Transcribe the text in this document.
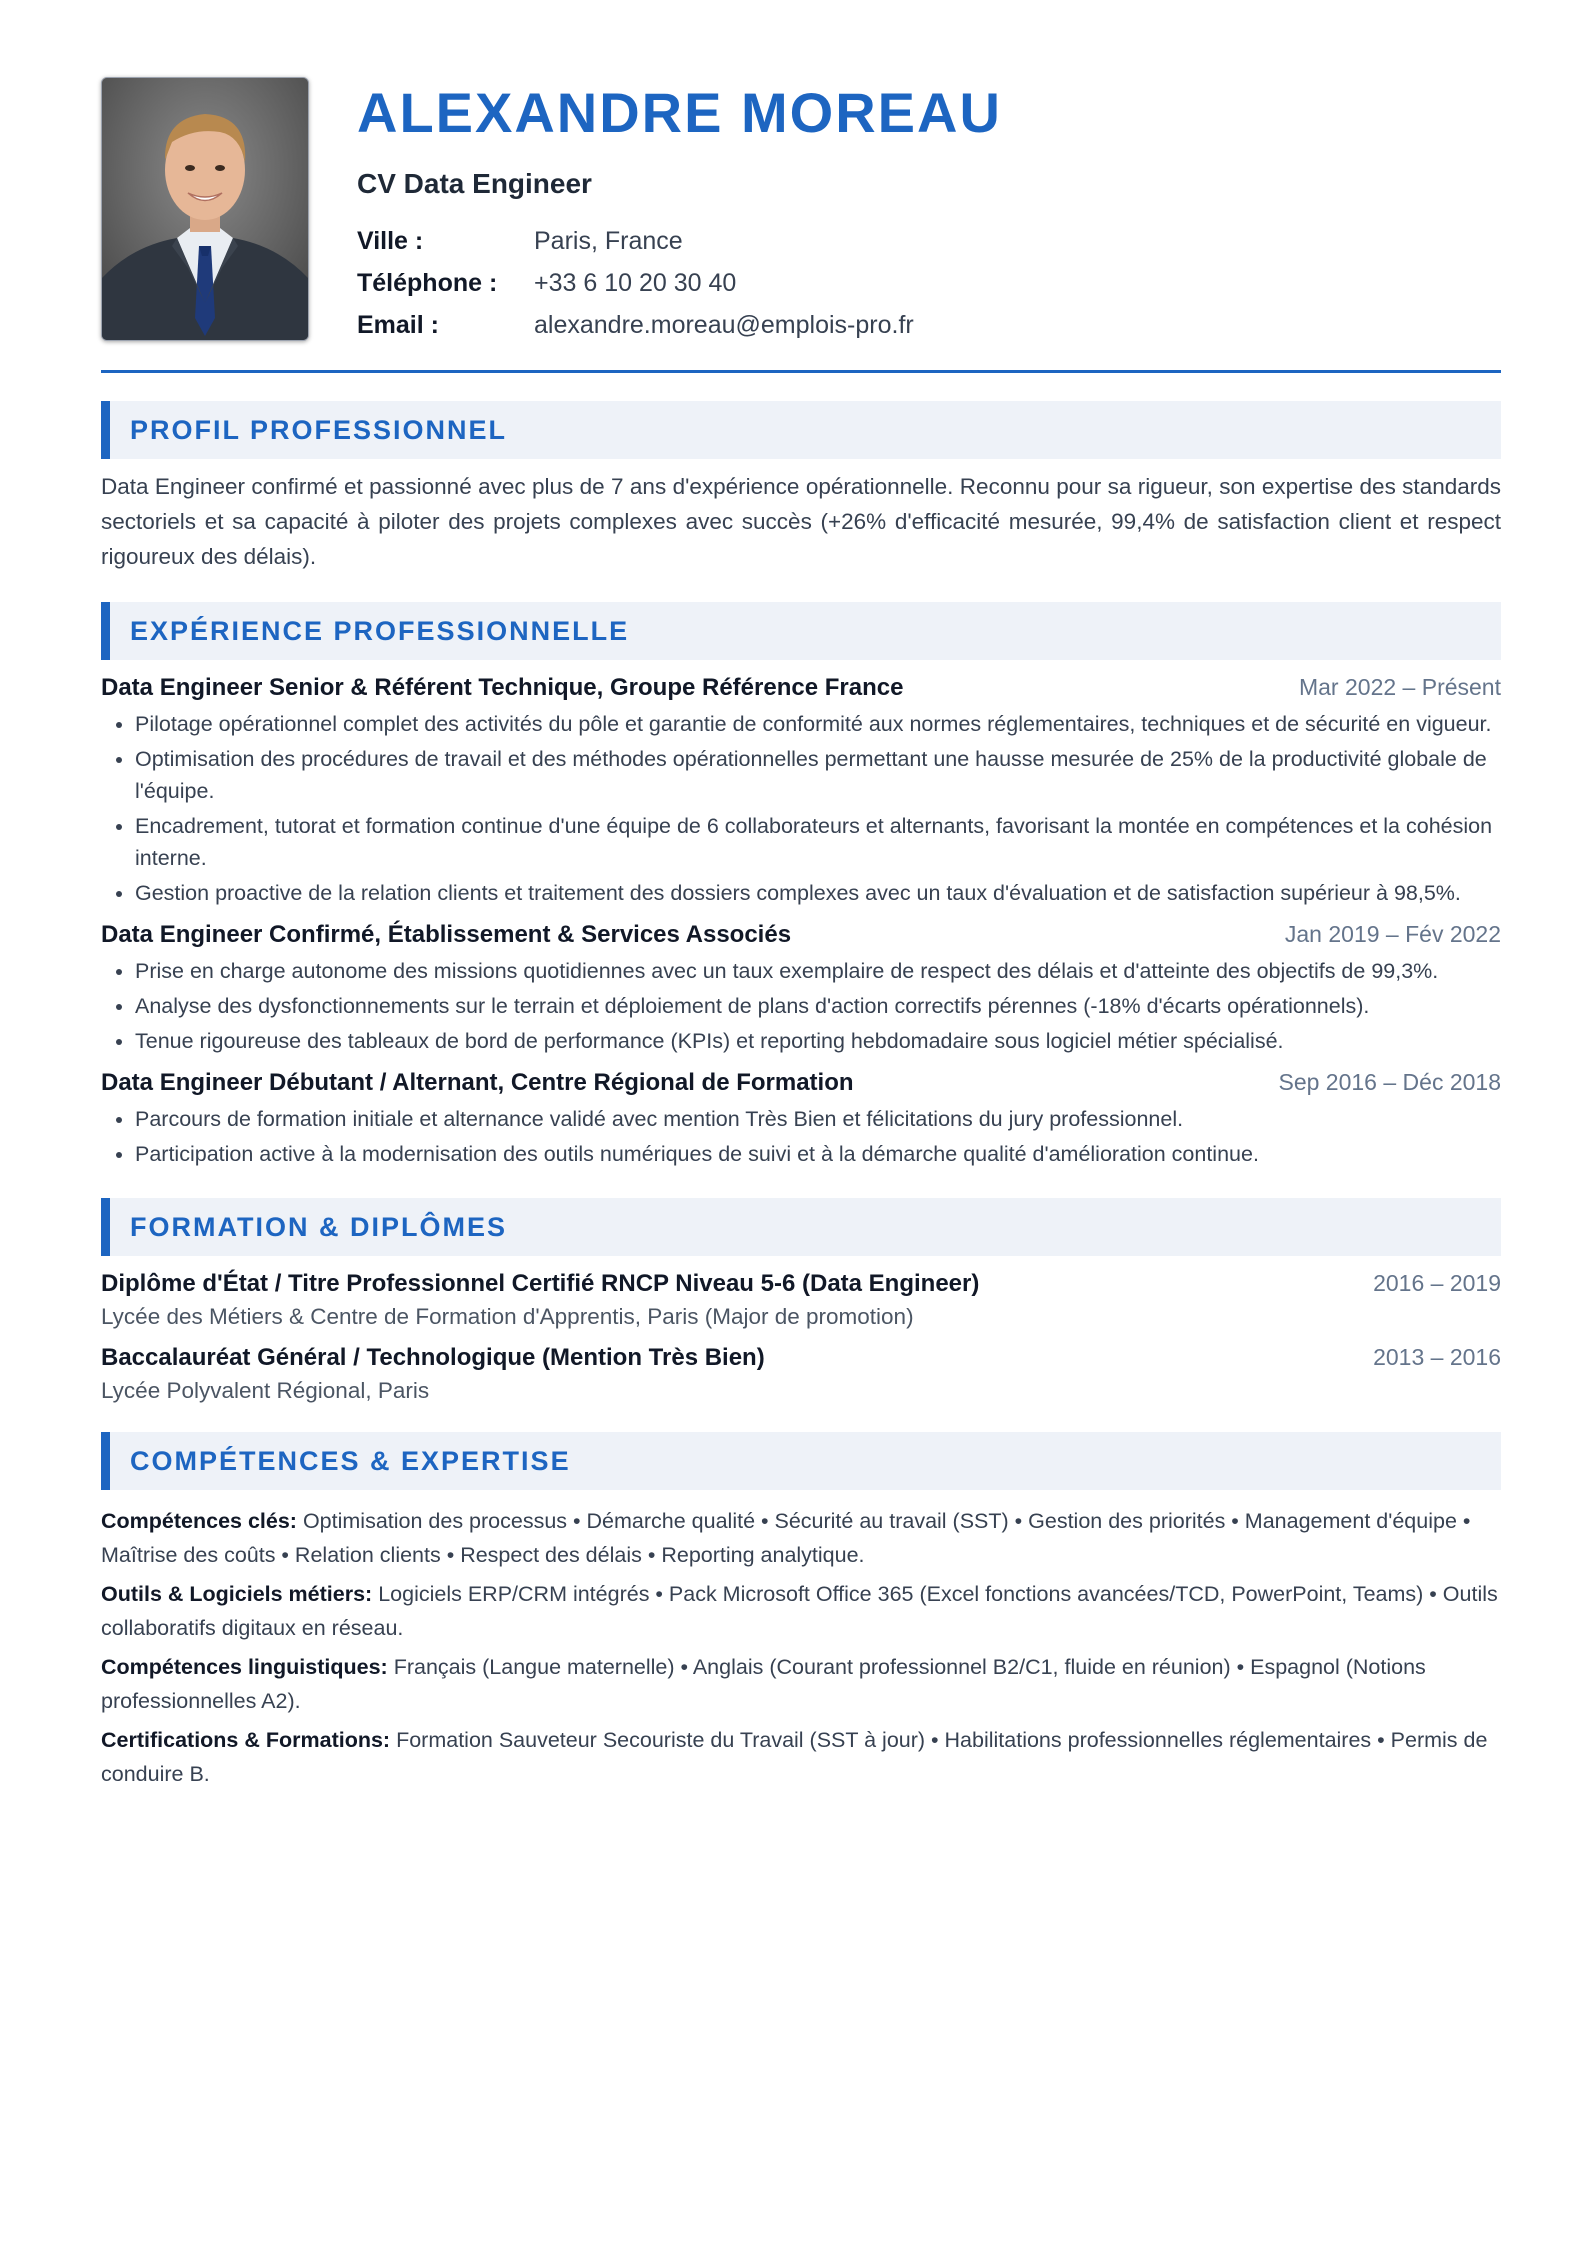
ALEXANDRE MOREAU
CV Data Engineer
Ville :	Paris, France
Téléphone :	+33 6 10 20 30 40
Email :	alexandre.moreau@emplois-pro.fr
PROFIL PROFESSIONNEL

Data Engineer confirmé et passionné avec plus de 7 ans d'expérience opérationnelle. Reconnu pour sa rigueur, son expertise des standards sectoriels et sa capacité à piloter des projets complexes avec succès (+26% d'efficacité mesurée, 99,4% de satisfaction client et respect rigoureux des délais).

EXPÉRIENCE PROFESSIONNELLE
Data Engineer Senior & Référent Technique, Groupe Référence France	Mar 2022 – Présent
• Pilotage opérationnel complet des activités du pôle et garantie de conformité aux normes réglementaires, techniques et de sécurité en vigueur.
• Optimisation des procédures de travail et des méthodes opérationnelles permettant une hausse mesurée de 25% de la productivité globale de l'équipe.
• Encadrement, tutorat et formation continue d'une équipe de 6 collaborateurs et alternants, favorisant la montée en compétences et la cohésion interne.
• Gestion proactive de la relation clients et traitement des dossiers complexes avec un taux d'évaluation et de satisfaction supérieur à 98,5%.
Data Engineer Confirmé, Établissement & Services Associés	Jan 2019 – Fév 2022
• Prise en charge autonome des missions quotidiennes avec un taux exemplaire de respect des délais et d'atteinte des objectifs de 99,3%.
• Analyse des dysfonctionnements sur le terrain et déploiement de plans d'action correctifs pérennes (-18% d'écarts opérationnels).
• Tenue rigoureuse des tableaux de bord de performance (KPIs) et reporting hebdomadaire sous logiciel métier spécialisé.
Data Engineer Débutant / Alternant, Centre Régional de Formation	Sep 2016 – Déc 2018
• Parcours de formation initiale et alternance validé avec mention Très Bien et félicitations du jury professionnel.
• Participation active à la modernisation des outils numériques de suivi et à la démarche qualité d'amélioration continue.
FORMATION & DIPLÔMES
Diplôme d'État / Titre Professionnel Certifié RNCP Niveau 5-6 (Data Engineer)	2016 – 2019
Lycée des Métiers & Centre de Formation d'Apprentis, Paris (Major de promotion)
Baccalauréat Général / Technologique (Mention Très Bien)	2013 – 2016
Lycée Polyvalent Régional, Paris
COMPÉTENCES & EXPERTISE
Compétences clés: Optimisation des processus • Démarche qualité • Sécurité au travail (SST) • Gestion des priorités • Management d'équipe • Maîtrise des coûts • Relation clients • Respect des délais • Reporting analytique.
Outils & Logiciels métiers: Logiciels ERP/CRM intégrés • Pack Microsoft Office 365 (Excel fonctions avancées/TCD, PowerPoint, Teams) • Outils collaboratifs digitaux en réseau.
Compétences linguistiques: Français (Langue maternelle) • Anglais (Courant professionnel B2/C1, fluide en réunion) • Espagnol (Notions professionnelles A2).
Certifications & Formations: Formation Sauveteur Secouriste du Travail (SST à jour) • Habilitations professionnelles réglementaires • Permis de conduire B.
